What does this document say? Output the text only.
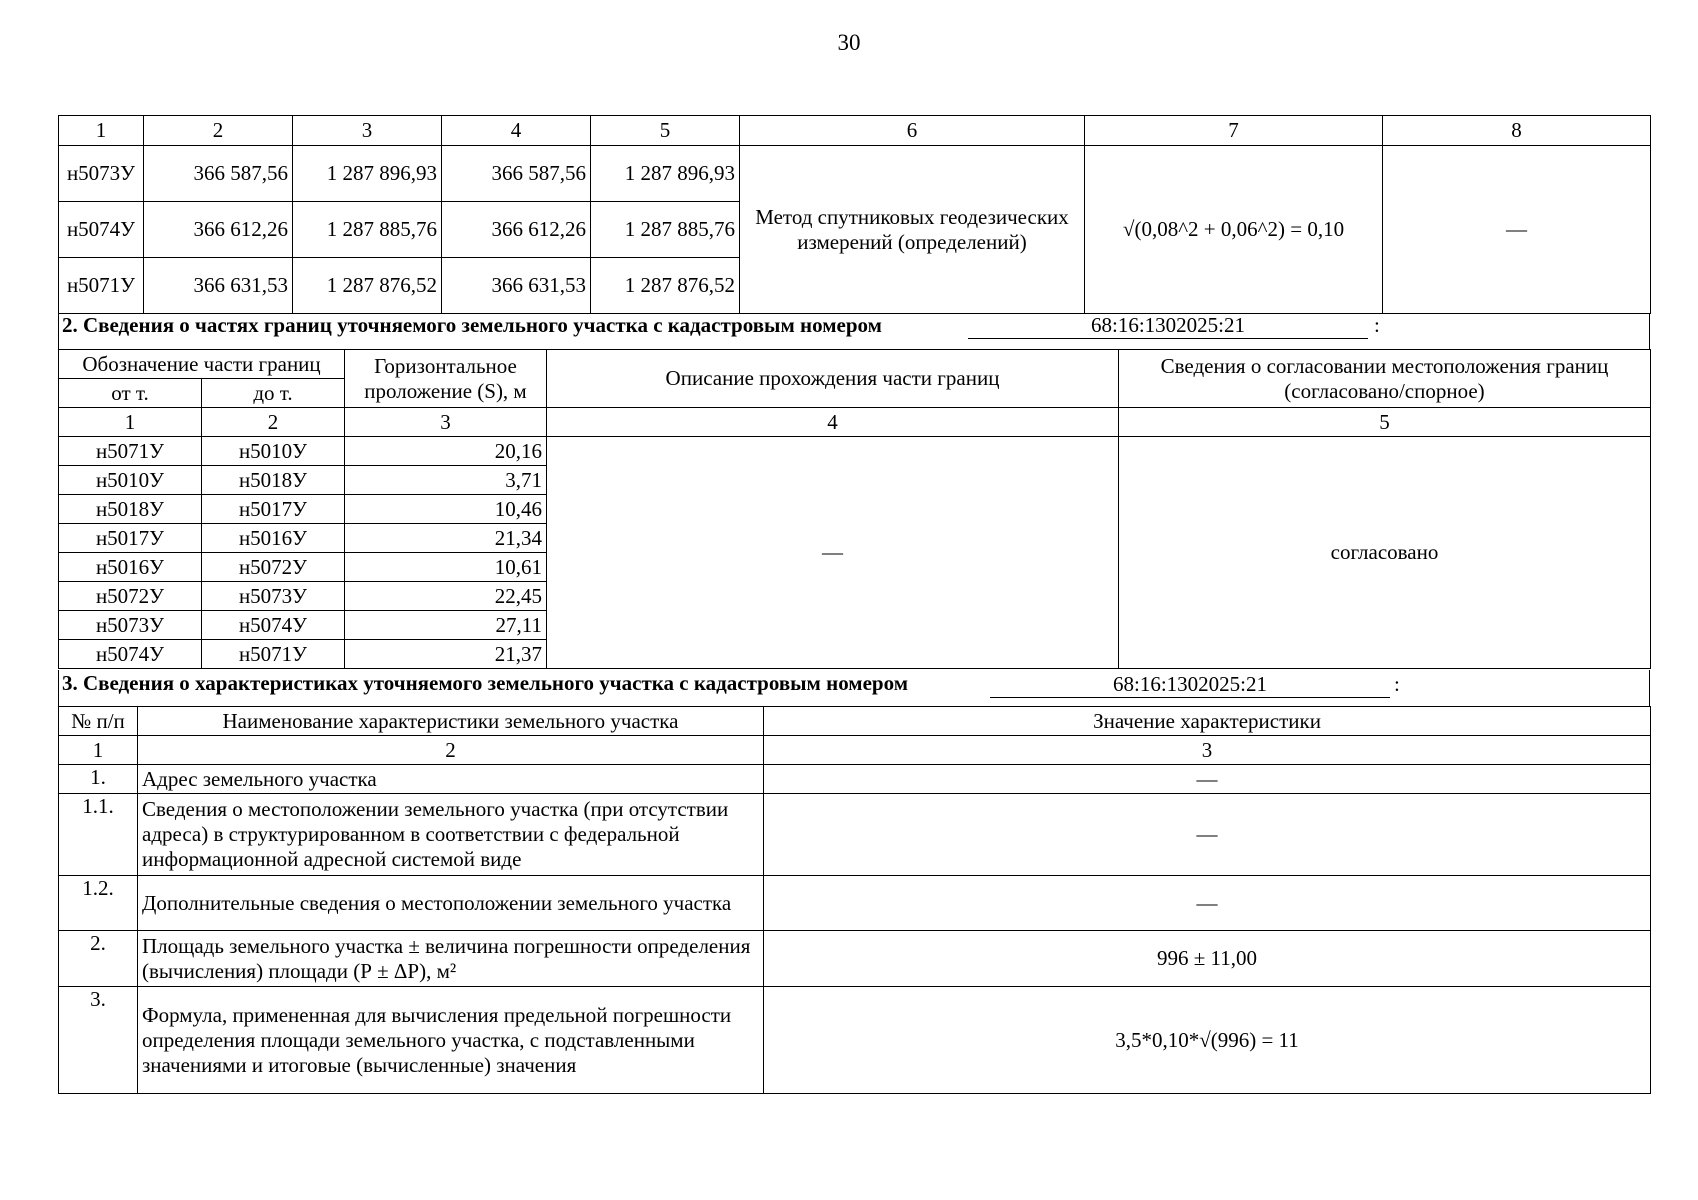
30
1	2	3	4	5	6	7	8
н5073У	366 587,56	1 287 896,93	366 587,56	1 287 896,93	Метод спутниковых геодезических измерений (определений)	√(0,08^2 + 0,06^2) = 0,10	—
н5074У	366 612,26	1 287 885,76	366 612,26	1 287 885,76			
н5071У	366 631,53	1 287 876,52	366 631,53	1 287 876,52			
2. Сведения о частях границ уточняемого земельного участка с кадастровым номером	68:16:1302025:21	:
Обозначение части границ		Горизонтальное проложение (S), м	Описание прохождения части границ	Сведения о согласовании местоположения границ (согласовано/спорное)
от т.	до т.			
1	2	3	4	5
н5071У	н5010У	20,16	—	согласовано
н5010У	н5018У	3,71		
н5018У	н5017У	10,46		
н5017У	н5016У	21,34		
н5016У	н5072У	10,61		
н5072У	н5073У	22,45		
н5073У	н5074У	27,11		
н5074У	н5071У	21,37		
3. Сведения о характеристиках уточняемого земельного участка с кадастровым номером	68:16:1302025:21	:
№ п/п	Наименование характеристики земельного участка	Значение характеристики
1	2	3
1.	Адрес земельного участка	—
1.1.	Сведения о местоположении земельного участка (при отсутствии адреса) в структурированном в соответствии с федеральной информационной адресной системой виде	—
1.2.	Дополнительные сведения о местоположении земельного участка	—
2.	Площадь земельного участка ± величина погрешности определения (вычисления) площади (Р ± ΔР), м²	996 ± 11,00
3.	Формула, примененная для вычисления предельной погрешности определения площади земельного участка, с подставленными значениями и итоговые (вычисленные) значения	3,5*0,10*√(996) = 11
